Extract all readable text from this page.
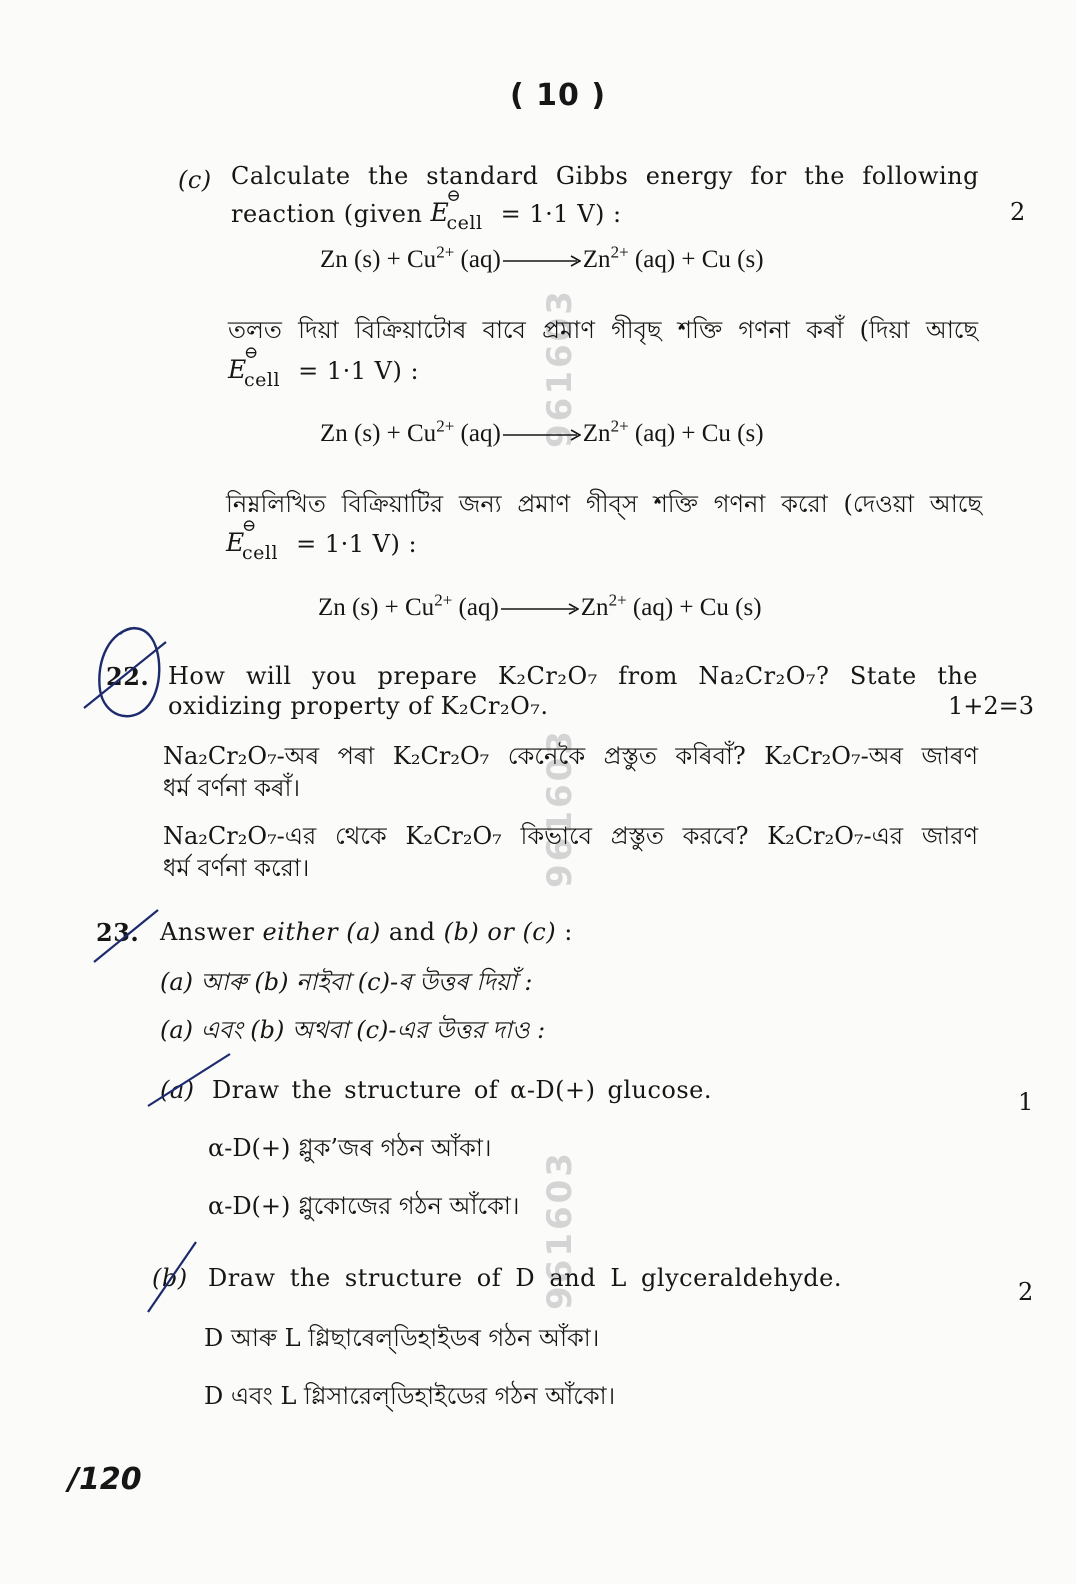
( 10 )
961603
961603
961603
(c) Calculate the standard Gibbs energy for the following
reaction (given E
⊖
cell = 1·1 V) :	2
Zn $(s) + Cu^{2+}$ $(aq) \to Zn^{2+}$ (aq) + Cu (s)
তলত দিয়া বিক্ৰিয়াটোৰ বাবে প্ৰমাণ গীবৃছ শক্তি গণনা কৰাঁ (দিয়া আছে
E
⊖
cell = 1·1 V) :
Zn $(s) + Cu^{2+}$ $(aq) \to Zn^{2+}$ (aq) + Cu (s)
নিম্নলিখিত বিক্রিয়াটির জন্য প্রমাণ গীব্‌স শক্তি গণনা করো (দেওয়া আছে
E
⊖
cell = 1·1 V) :
Zn $(s) + Cu^{2+}$ $(aq) \to Zn^{2+}$ (aq) + Cu (s)
22. How will you prepare K₂Cr₂O₇ from Na₂Cr₂O₇? State the
oxidizing property of K₂Cr₂O₇.	1+2=3
Na₂Cr₂O₇-অৰ পৰা K₂Cr₂O₇ কেনেকৈ প্ৰস্তুত কৰিবাঁ? K₂Cr₂O₇-অৰ জাৰণ
ধৰ্ম বৰ্ণনা কৰাঁ।
Na₂Cr₂O₇-এর থেকে K₂Cr₂O₇ কিভাবে প্রস্তুত করবে? K₂Cr₂O₇-এর জারণ
ধর্ম বর্ণনা করো।
23. Answer either (a) and (b) or (c) :
(a) আৰু (b) নাইবা (c)-ৰ উত্তৰ দিয়াঁ :
(a) এবং (b) অথবা (c)-এর উত্তর দাও :
(a) Draw the structure of α-D(+) glucose.	1
α-D(+) গ্লুক’জৰ গঠন আঁকা।
α-D(+) গ্লুকোজের গঠন আঁকো।
(b) Draw the structure of D and L glyceraldehyde.	2
D আৰু L গ্লিছাৰেল্‌ডিহাইডৰ গঠন আঁকা।
D এবং L গ্লিসারেল্‌ডিহাইডের গঠন আঁকো।
/120
